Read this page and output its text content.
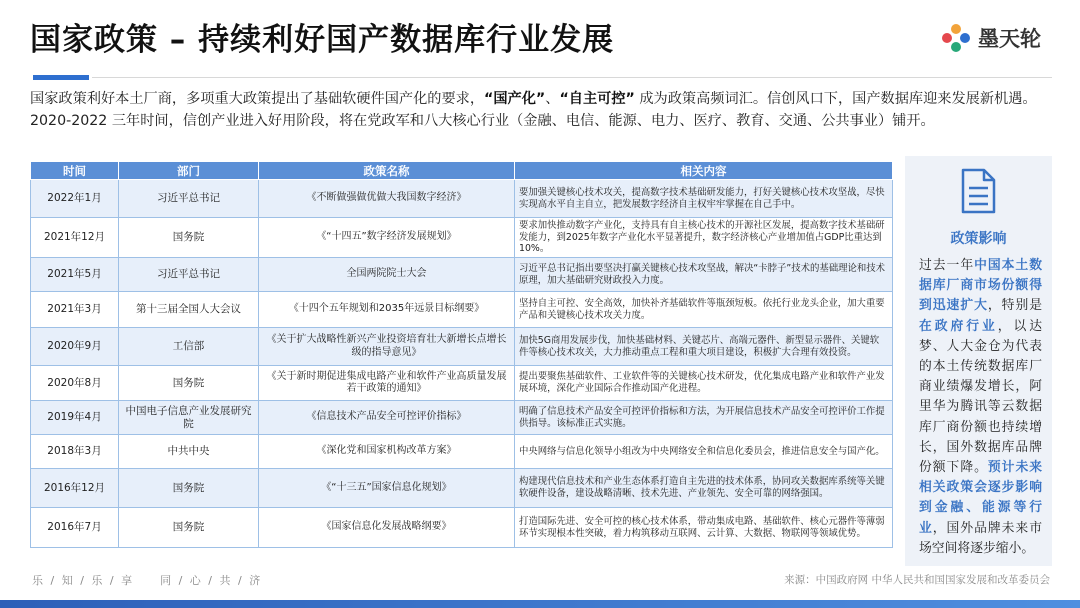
国家政策 – 持续利好国产数据库行业发展	墨天轮
国家政策利好本土厂商，多项重大政策提出了基础软硬件国产化的要求，“国产化”、“自主可控” 成为政策高频词汇。信创风口下，国产数据库迎来发展新机遇。2020-2022 三年时间，信创产业进入好用阶段，将在党政军和八大核心行业（金融、电信、能源、电力、医疗、教育、交通、公共事业）铺开。
时间	部门	政策名称	相关内容
2022年1月	习近平总书记	《不断做强做优做大我国数字经济》	要加强关键核心技术攻关，提高数字技术基础研发能力，打好关键核心技术攻坚战，尽快实现高水平自主自立，把发展数字经济自主权牢牢掌握在自己手中。
2021年12月	国务院	《“十四五”数字经济发展规划》	要求加快推动数字产业化，支持具有自主核心技术的开源社区发展，提高数字技术基础研发能力，到2025年数字产业化水平显著提升，数字经济核心产业增加值占GDP比重达到10%。
2021年5月	习近平总书记	全国两院院士大会	习近平总书记指出要坚决打赢关键核心技术攻坚战，解决“卡脖子”技术的基础理论和技术原理，加大基础研究财政投入力度。
2021年3月	第十三届全国人大会议	《十四个五年规划和2035年远景目标纲要》	坚持自主可控、安全高效，加快补齐基础软件等瓶颈短板。依托行业龙头企业，加大重要产品和关键核心技术攻关力度。
2020年9月	工信部	《关于扩大战略性新兴产业投资培育壮大新增长点增长级的指导意见》	加快5G商用发展步伐，加快基础材料、关键芯片、高端元器件、新型显示器件、关键软件等核心技术攻关，大力推动重点工程和重大项目建设，积极扩大合理有效投资。
2020年8月	国务院	《关于新时期促进集成电路产业和软件产业高质量发展若干政策的通知》	提出要聚焦基础软件、工业软件等的关键核心技术研发，优化集成电路产业和软件产业发展环境，深化产业国际合作推动国产化进程。
2019年4月	中国电子信息产业发展研究院	《信息技术产品安全可控评价指标》	明确了信息技术产品安全可控评价指标和方法，为开展信息技术产品安全可控评价工作提供指导。该标准正式实施。
2018年3月	中共中央	《深化党和国家机构改革方案》	中央网络与信息化领导小组改为中央网络安全和信息化委员会，推进信息安全与国产化。
2016年12月	国务院	《“十三五”国家信息化规划》	构建现代信息技术和产业生态体系打造自主先进的技术体系，协同攻关数据库系统等关键软硬件设备，建设战略清晰、技术先进、产业领先、安全可靠的网络强国。
2016年7月	国务院	《国家信息化发展战略纲要》	打造国际先进、安全可控的核心技术体系，带动集成电路、基础软件、核心元器件等薄弱环节实现根本性突破，着力构筑移动互联网、云计算、大数据、物联网等领域优势。
政策影响
过去一年中国本土数据库厂商市场份额得到迅速扩大，特别是在政府行业，以达梦、人大金仓为代表的本土传统数据库厂商业绩爆发增长，阿里华为腾讯等云数据库厂商份额也持续增长，国外数据库品牌份额下降。预计未来相关政策会逐步影响到金融、能源等行业，国外品牌未来市场空间将逐步缩小。
乐 / 知 / 乐 / 享　　同 / 心 / 共 / 济	来源：中国政府网 中华人民共和国国家发展和改革委员会
